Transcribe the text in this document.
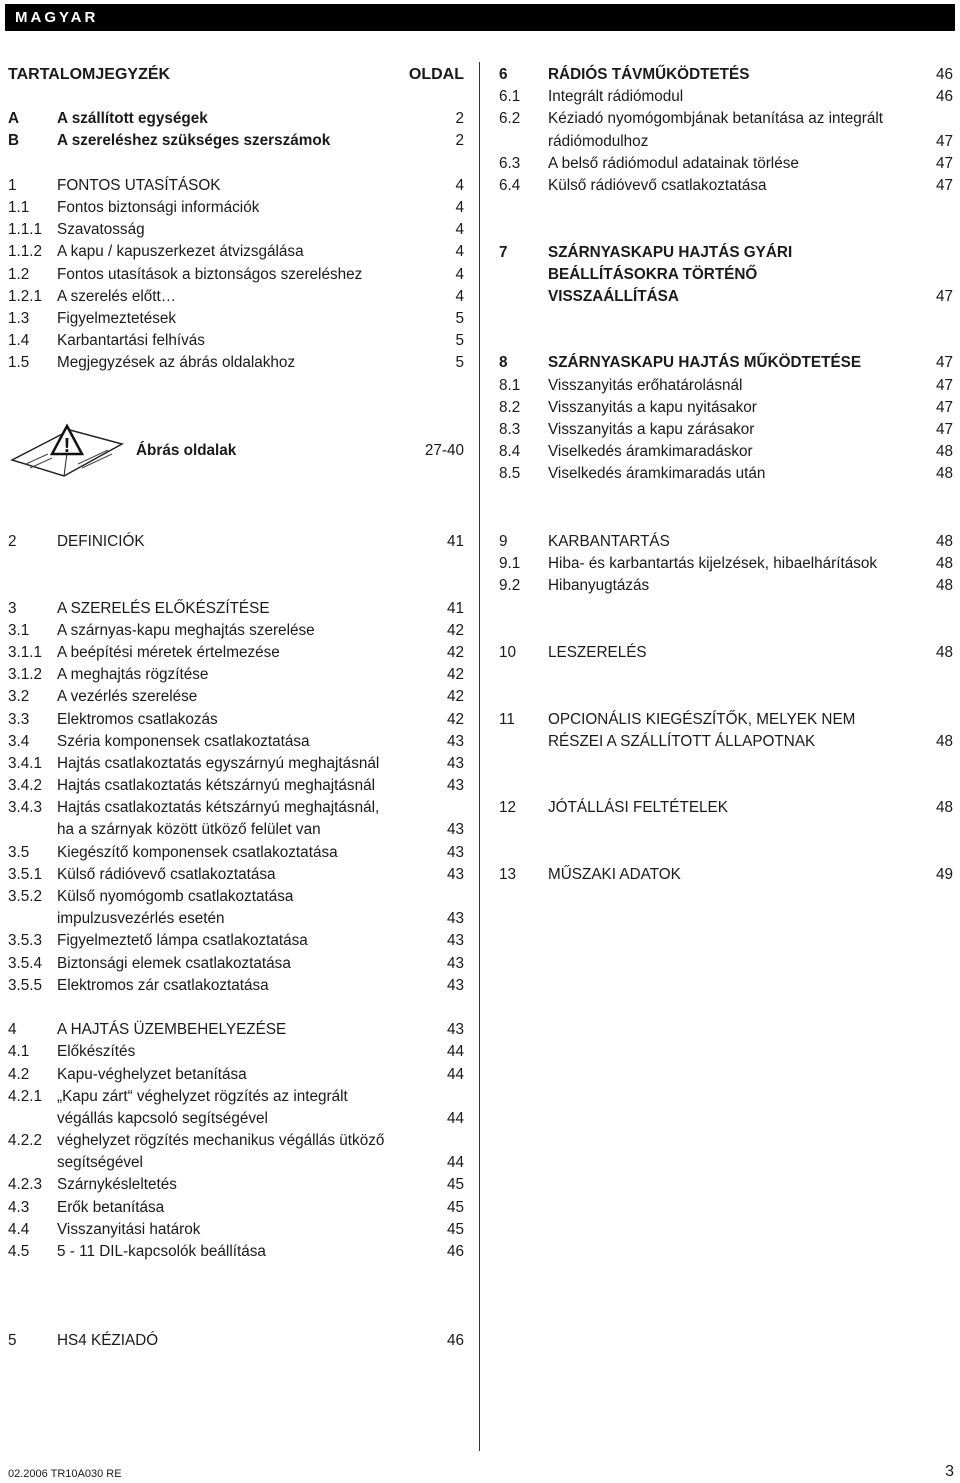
MAGYAR
TARTALOMJEGYZÉK	OLDAL
A A szállított egységek	2
B A szereléshez szükséges szerszámok	2
1	FONTOS UTASÍTÁSOK	4
1.1 Fontos biztonsági információk	4
1.1.1 Szavatosság	4
1.1.2 A kapu / kapuszerkezet átvizsgálása	4
1.2 Fontos utasítások a biztonságos szereléshez	4
1.2.1 A szerelés előtt…	4
1.3 Figyelmeztetések	5
1.4 Karbantartási felhívás	5
1.5 Megjegyzések az ábrás oldalakhoz	5
!	Ábrás oldalak	27-40
6	RÁDIÓS TÁVMŰKÖDTETÉS	46
6.1 Integrált rádiómodul	46
6.2 Kéziadó nyomógombjának betanítása az integrált
rádiómodulhoz	47
6.3 A belső rádiómodul adatainak törlése	47
6.4 Külső rádióvevő csatlakoztatása	47
7	SZÁRNYASKAPU HAJTÁS GYÁRI
BEÁLLÍTÁSOKRA TÖRTÉNŐ
VISSZAÁLLÍTÁSA	47
8	SZÁRNYASKAPU HAJTÁS MŰKÖDTETÉSE	47
8.1 Visszanyitás erőhatárolásnál	47
8.2 Visszanyitás a kapu nyitásakor	47
8.3 Visszanyitás a kapu zárásakor	47
8.4 Viselkedés áramkimaradáskor	48
8.5 Viselkedés áramkimaradás után	48
2	DEFINICIÓK	41
3	A SZERELÉS ELŐKÉSZÍTÉSE	41
3.1 A szárnyas-kapu meghajtás szerelése	42
3.1.1 A beépítési méretek értelmezése	42
3.1.2 A meghajtás rögzítése	42
3.2 A vezérlés szerelése	42
3.3 Elektromos csatlakozás	42
3.4 Széria komponensek csatlakoztatása	43
3.4.1 Hajtás csatlakoztatás egyszárnyú meghajtásnál	43
3.4.2 Hajtás csatlakoztatás kétszárnyú meghajtásnál	43
3.4.3 Hajtás csatlakoztatás kétszárnyú meghajtásnál,
ha a szárnyak között ütköző felület van	43
3.5 Kiegészítő komponensek csatlakoztatása	43
3.5.1 Külső rádióvevő csatlakoztatása	43
3.5.2 Külső nyomógomb csatlakoztatása
impulzusvezérlés esetén	43
3.5.3 Figyelmeztető lámpa csatlakoztatása	43
3.5.4 Biztonsági elemek csatlakoztatása	43
3.5.5 Elektromos zár csatlakoztatása	43
4	A HAJTÁS ÜZEMBEHELYEZÉSE	43
4.1 Előkészítés	44
4.2 Kapu-véghelyzet betanítása	44
4.2.1 „Kapu zárt“ véghelyzet rögzítés az integrált
végállás kapcsoló segítségével	44
4.2.2 véghelyzet rögzítés mechanikus végállás ütköző
segítségével	44
4.2.3 Szárnykésleltetés	45
4.3 Erők betanítása	45
4.4 Visszanyitási határok	45
4.5 5 - 11 DIL-kapcsolók beállítása	46
5	HS4 KÉZIADÓ	46
9	KARBANTARTÁS	48
9.1 Hiba- és karbantartás kijelzések, hibaelhárítások	48
9.2 Hibanyugtázás	48
10 LESZERELÉS	48
11 OPCIONÁLIS KIEGÉSZÍTŐK, MELYEK NEM
RÉSZEI A SZÁLLÍTOTT ÁLLAPOTNAK	48
12 JÓTÁLLÁSI FELTÉTELEK	48
13 MŰSZAKI ADATOK	49
02.2006 TR10A030 RE	3
